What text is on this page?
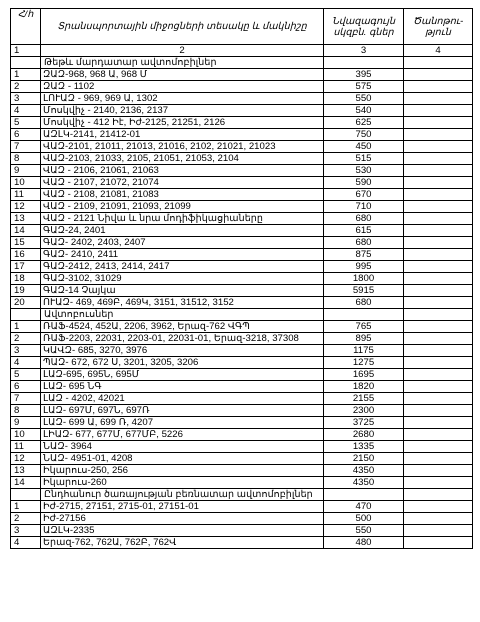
Հ/հ	Տրանսպորտային միջոցների տեսակը և մակնիշը	Նվազագույն սկզբն. գներ	Ծանոթու-թյուն
1	2	3	4
	Թեթև մարդատար ավտոմոբիլներ		
1	ԶԱԶ-968, 968 Ա, 968 Մ	395	
2	ԶԱԶ - 1102	575	
3	ԼՈՒԱԶ - 969, 969 Ա, 1302	550	
4	Մոսկվիչ - 2140, 2136, 2137	540	
5	Մոսկվիչ - 412 Իէ, Իժ-2125, 21251, 2126	625	
6	ԱԶԼԿ-2141, 21412-01	750	
7	ՎԱԶ-2101, 21011, 21013, 21016, 2102, 21021, 21023	450	
8	ՎԱԶ-2103, 21033, 2105, 21051, 21053, 2104	515	
9	ՎԱԶ - 2106, 21061, 21063	530	
10	ՎԱԶ - 2107, 21072, 21074	590	
11	ՎԱԶ - 2108, 21081, 21083	670	
12	ՎԱԶ - 2109, 21091, 21093, 21099	710	
13	ՎԱԶ - 2121 Նիվա և նրա մոդիֆիկացիաները	680	
14	ԳԱԶ-24, 2401	615	
15	ԳԱԶ- 2402, 2403, 2407	680	
16	ԳԱԶ- 2410, 2411	875	
17	ԳԱԶ-2412, 2413, 2414, 2417	995	
18	ԳԱԶ-3102, 31029	1800	
19	ԳԱԶ-14 Չայկա	5915	
20	ՈՒԱԶ- 469, 469Բ, 469Կ, 3151, 31512, 3152	680	
	Ավտոբուսներ		
1	ՌԱՖ-4524, 452Ա, 2206, 3962, Երազ-762 ՎԳՊ	765	
2	ՌԱՖ-2203, 22031, 2203-01, 22031-01, Երազ-3218, 37308	895	
3	ԿԱՎԶ- 685, 3270, 3976	1175	
4	ՊԱԶ- 672, 672 Ս, 3201, 3205, 3206	1275	
5	ԼԱԶ-695, 695Ն, 695Մ	1695	
6	ԼԱԶ- 695 ՆԳ	1820	
7	ԼԱԶ - 4202, 42021	2155	
8	ԼԱԶ- 697Մ, 697Ն, 697Ռ	2300	
9	ԼԱԶ- 699 Ա, 699 Ռ, 4207	3725	
10	ԼԻԱԶ- 677, 677Մ, 677ՄԲ, 5226	2680	
11	ՆԱԶ- 3964	1335	
12	ՆԱԶ- 4951-01, 4208	2150	
13	Իկարուս-250, 256	4350	
14	Իկարուս-260	4350	
	Ընդհանուր ծառայության բեռնատար ավտոմոբիլներ		
1	Իժ-2715, 27151, 2715-01, 27151-01	470	
2	Իժ-27156	500	
3	ԱԶԼԿ-2335	550	
4	Երազ-762, 762Ա, 762Բ, 762Վ	480	
